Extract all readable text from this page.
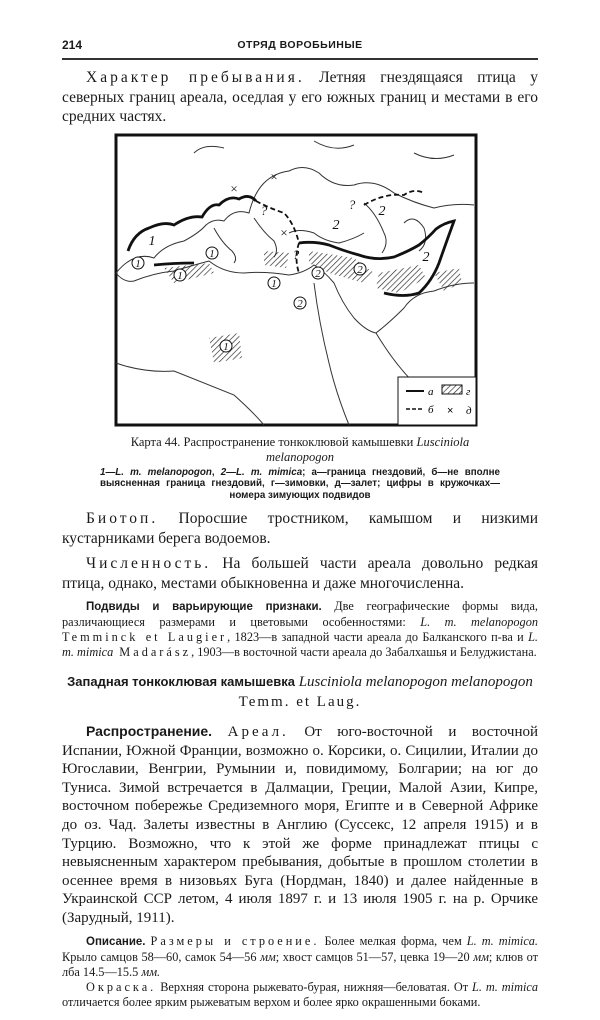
214	ОТРЯД ВОРОБЬИНЫЕ

Характер пребывания. Летняя гнездящаяся птица у северных границ ареала, оседлая у его южных границ и местами в его средних частях.

1
1
1
1
2
2
1
2
1
2
2
2
?
?
?
×
×
×
а
б
г
× д
Карта 44. Распространение тонкоклювой камышевки Lusciniola melanopogon
1—L. m. melanopogon, 2—L. m. mimica; а—граница гнездовий, б—не вполне выясненная граница гнездовий, г—зимовки, д—залет; цифры в кружочках—номера зимующих подвидов

Биотоп. Поросшие тростником, камышом и низкими кустарниками берега водоемов.

Численность. На большей части ареала довольно редкая птица, однако, местами обыкновенна и даже многочисленна.

Подвиды и варьирующие признаки. Две географические формы вида, различающиеся размерами и цветовыми особенностями: L. m. melanopogon Temminck et Laugier, 1823—в западной части ареала до Балканского п-ва и L. m. mimica Madarász, 1903—в восточной части ареала до Забалхашья и Белуджистана.

Западная тонкоклювая камышевка Lusciniola melanopogon melanopogon
Temm. et Laug.

Распространение. Ареал. От юго-восточной и восточной Испании, Южной Франции, возможно о. Корсики, о. Сицилии, Италии до Югославии, Венгрии, Румынии и, повидимому, Болгарии; на юг до Туниса. Зимой встречается в Далмации, Греции, Малой Азии, Кипре, восточном побережье Средиземного моря, Египте и в Северной Африке до оз. Чад. Залеты известны в Англию (Суссекс, 12 апреля 1915) и в Турцию. Возможно, что к этой же форме принадлежат птицы с невыясненным характером пребывания, добытые в прошлом столетии в осеннее время в низовьях Буга (Нордман, 1840) и далее найденные в Украинской ССР летом, 4 июля 1897 г. и 13 июля 1905 г. на р. Орчике (Зарудный, 1911).

Описание. Размеры и строение. Более мелкая форма, чем L. m. mimica. Крыло самцов 58—60, самок 54—56 мм; хвост самцов 51—57, цевка 19—20 мм; клюв от лба 14.5—15.5 мм.

Окраска. Верхняя сторона рыжевато-бурая, нижняя—беловатая. От L. m. mimica отличается более ярким рыжеватым верхом и более ярко окрашенными боками.
